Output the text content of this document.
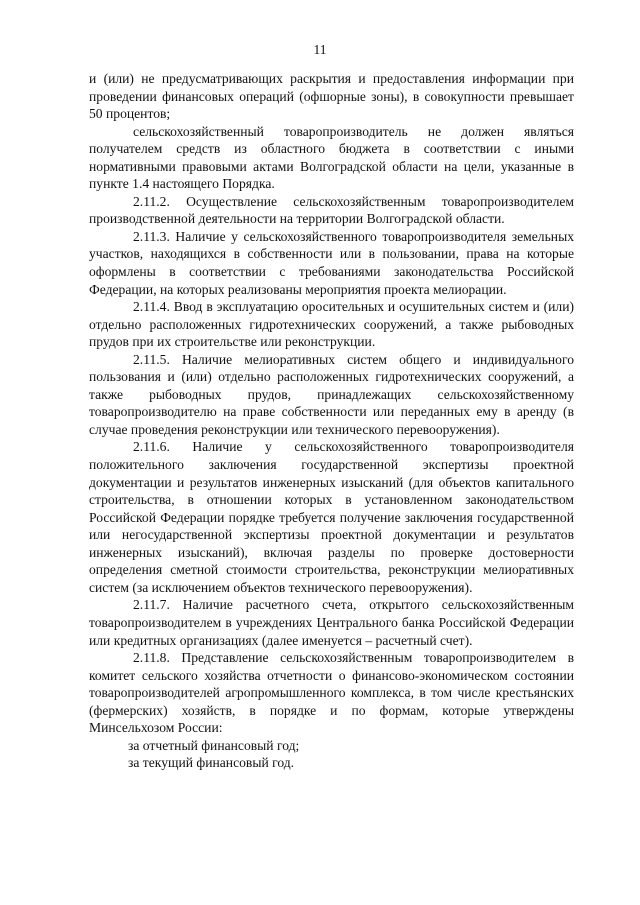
11

и (или) не предусматривающих раскрытия и предоставления информации при проведении финансовых операций (офшорные зоны), в совокупности превышает 50 процентов;

сельскохозяйственный товаропроизводитель не должен являться получателем средств из областного бюджета в соответствии с иными нормативными правовыми актами Волгоградской области на цели, указанные в пункте 1.4 настоящего Порядка.

2.11.2. Осуществление сельскохозяйственным товаропроизводителем производственной деятельности на территории Волгоградской области.

2.11.3. Наличие у сельскохозяйственного товаропроизводителя земельных участков, находящихся в собственности или в пользовании, права на которые оформлены в соответствии с требованиями законодательства Российской Федерации, на которых реализованы мероприятия проекта мелиорации.

2.11.4. Ввод в эксплуатацию оросительных и осушительных систем и (или) отдельно расположенных гидротехнических сооружений, а также рыбоводных прудов при их строительстве или реконструкции.

2.11.5. Наличие мелиоративных систем общего и индивидуального пользования и (или) отдельно расположенных гидротехнических сооружений, а также рыбоводных прудов, принадлежащих сельскохозяйственному товаропроизводителю на праве собственности или переданных ему в аренду (в случае проведения реконструкции или технического перевооружения).

2.11.6. Наличие у сельскохозяйственного товаропроизводителя положительного заключения государственной экспертизы проектной документации и результатов инженерных изысканий (для объектов капитального строительства, в отношении которых в установленном законодательством Российской Федерации порядке требуется получение заключения государственной или негосударственной экспертизы проектной документации и результатов инженерных изысканий), включая разделы по проверке достоверности определения сметной стоимости строительства, реконструкции мелиоративных систем (за исключением объектов технического перевооружения).

2.11.7. Наличие расчетного счета, открытого сельскохозяйственным товаропроизводителем в учреждениях Центрального банка Российской Федерации или кредитных организациях (далее именуется – расчетный счет).

2.11.8. Представление сельскохозяйственным товаропроизводителем в комитет сельского хозяйства отчетности о финансово-экономическом состоянии товаропроизводителей агропромышленного комплекса, в том числе крестьянских (фермерских) хозяйств, в порядке и по формам, которые утверждены Минсельхозом России:

за отчетный финансовый год;

за текущий финансовый год.
